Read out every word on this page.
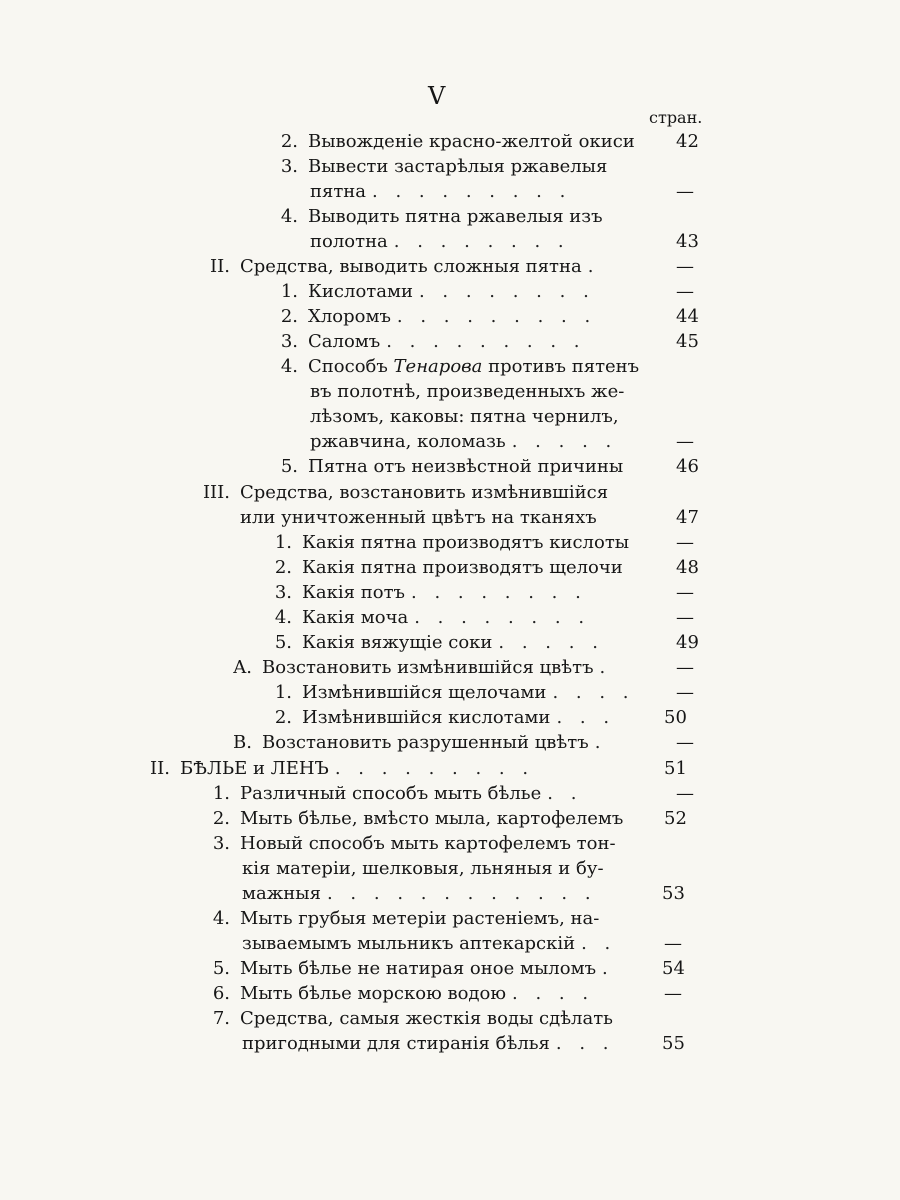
V
стран.
2. Вывожденіе красно-желтой окиси 42
3. Вывести застарѣлыя ржавелыя
пятна . . . . . . . . .	—
4. Выводить пятна ржавелыя изъ
полотна . . . . . . . .	43
II. Средства, выводить сложныя пятна .	—
1. Кислотами . . . . . . . .	—
2. Хлоромъ . . . . . . . . .	44
3. Саломъ . . . . . . . . .	45
4. Способъ Тенарова противъ пятенъ
въ полотнѣ, произведенныхъ же-
лѣзомъ, каковы: пятна чернилъ,
ржавчина, коломазь . . . . .	—
5. Пятна отъ неизвѣстной причины	46
III. Средства, возстановить измѣнившійся
или уничтоженный цвѣтъ на тканяхъ	47
1. Какія пятна производятъ кислоты	—
2. Какія пятна производятъ щелочи	48
3. Какія потъ . . . . . . . .	—
4. Какія моча . . . . . . . .	—
5. Какія вяжущіе соки . . . . .	49
A. Возстановить измѣнившійся цвѣтъ .	—
1. Измѣнившійся щелочами . . . . —
2. Измѣнившійся кислотами . . .	50
B. Возстановить разрушенный цвѣтъ .	—
II. БѢЛЬЕ и ЛЕНЪ . . . . . . . . .	51
1. Различный способъ мыть бѣлье . .	—
2. Мыть бѣлье, вмѣсто мыла, картофелемъ 52
3. Новый способъ мыть картофелемъ тон-
кія матеріи, шелковыя, льняныя и бу-
мажныя . . . . . . . . . . . .	53
4. Мыть грубыя метеріи растеніемъ, на-
зываемымъ мыльникъ аптекарскій . .	—
5. Мыть бѣлье не натирая оное мыломъ .	54
6. Мыть бѣлье морскою водою . . . .	—
7. Средства, самыя жесткія воды сдѣлать
пригодными для стиранія бѣлья . . .	55
